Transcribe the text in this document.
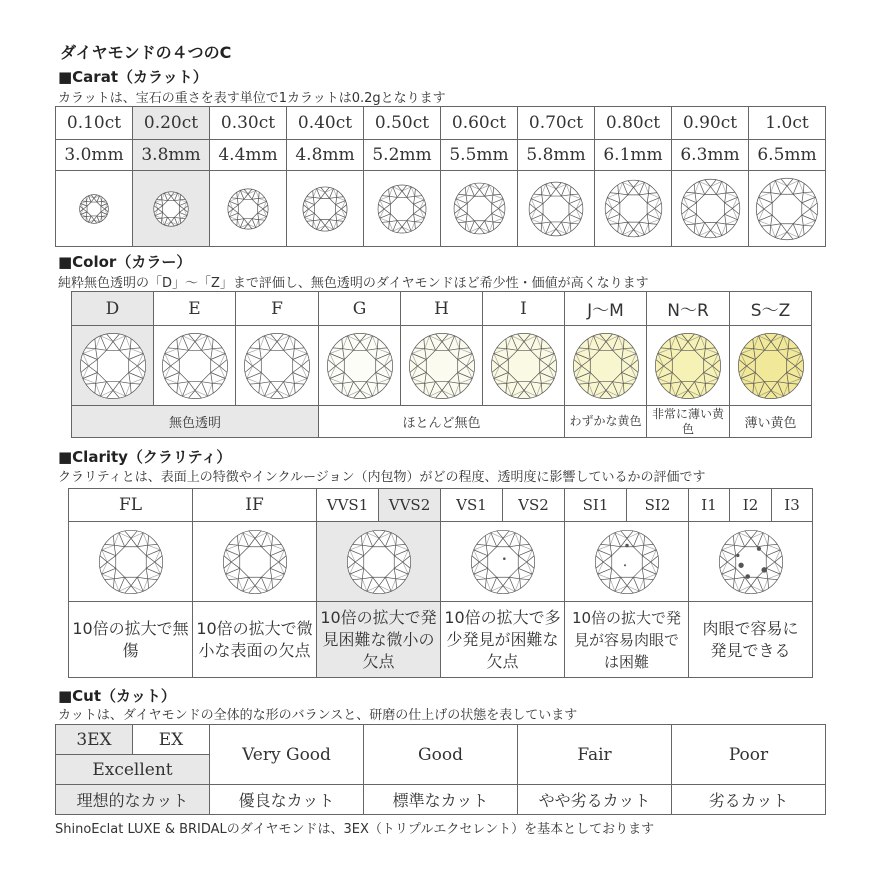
ダイヤモンドの４つのC
■Carat（カラット）
カラットは、宝石の重さを表す単位で1カラットは0.2gとなります
0.10ct	0.20ct	0.30ct	0.40ct	0.50ct	0.60ct	0.70ct	0.80ct	0.90ct	1.0ct
3.0mm	3.8mm	4.4mm	4.8mm	5.2mm	5.5mm	5.8mm	6.1mm	6.3mm	6.5mm

■Color（カラー）
純粋無色透明の「D」～「Z」まで評価し、無色透明のダイヤモンドほど希少性・価値が高くなります
D	E	F	G	H	I	J～M	N～R	S～Z

無色透明			ほとんど無色			わずかな黄色	非常に薄い黄色	薄い黄色
■Clarity（クラリティ）
クラリティとは、表面上の特徴やインクルージョン（内包物）がどの程度、透明度に影響しているかの評価です
FL	IF	VVS1	VVS2	VS1	VS2	SI1	SI2	I1	I2	I3

10倍の拡大で無傷	10倍の拡大で微小な表面の欠点	10倍の拡大で発見困難な微小の欠点		10倍の拡大で多少発見が困難な欠点		10倍の拡大で発見が容易肉眼では困難		肉眼で容易に発見できる		
■Cut（カット）
カットは、ダイヤモンドの全体的な形のバランスと、研磨の仕上げの状態を表しています
3EX	EX	Very Good	Good	Fair	Poor
Excellent					
理想的なカット		優良なカット	標準なカット	やや劣るカット	劣るカット
ShinoEclat LUXE & BRIDALのダイヤモンドは、3EX（トリプルエクセレント）を基本としております
